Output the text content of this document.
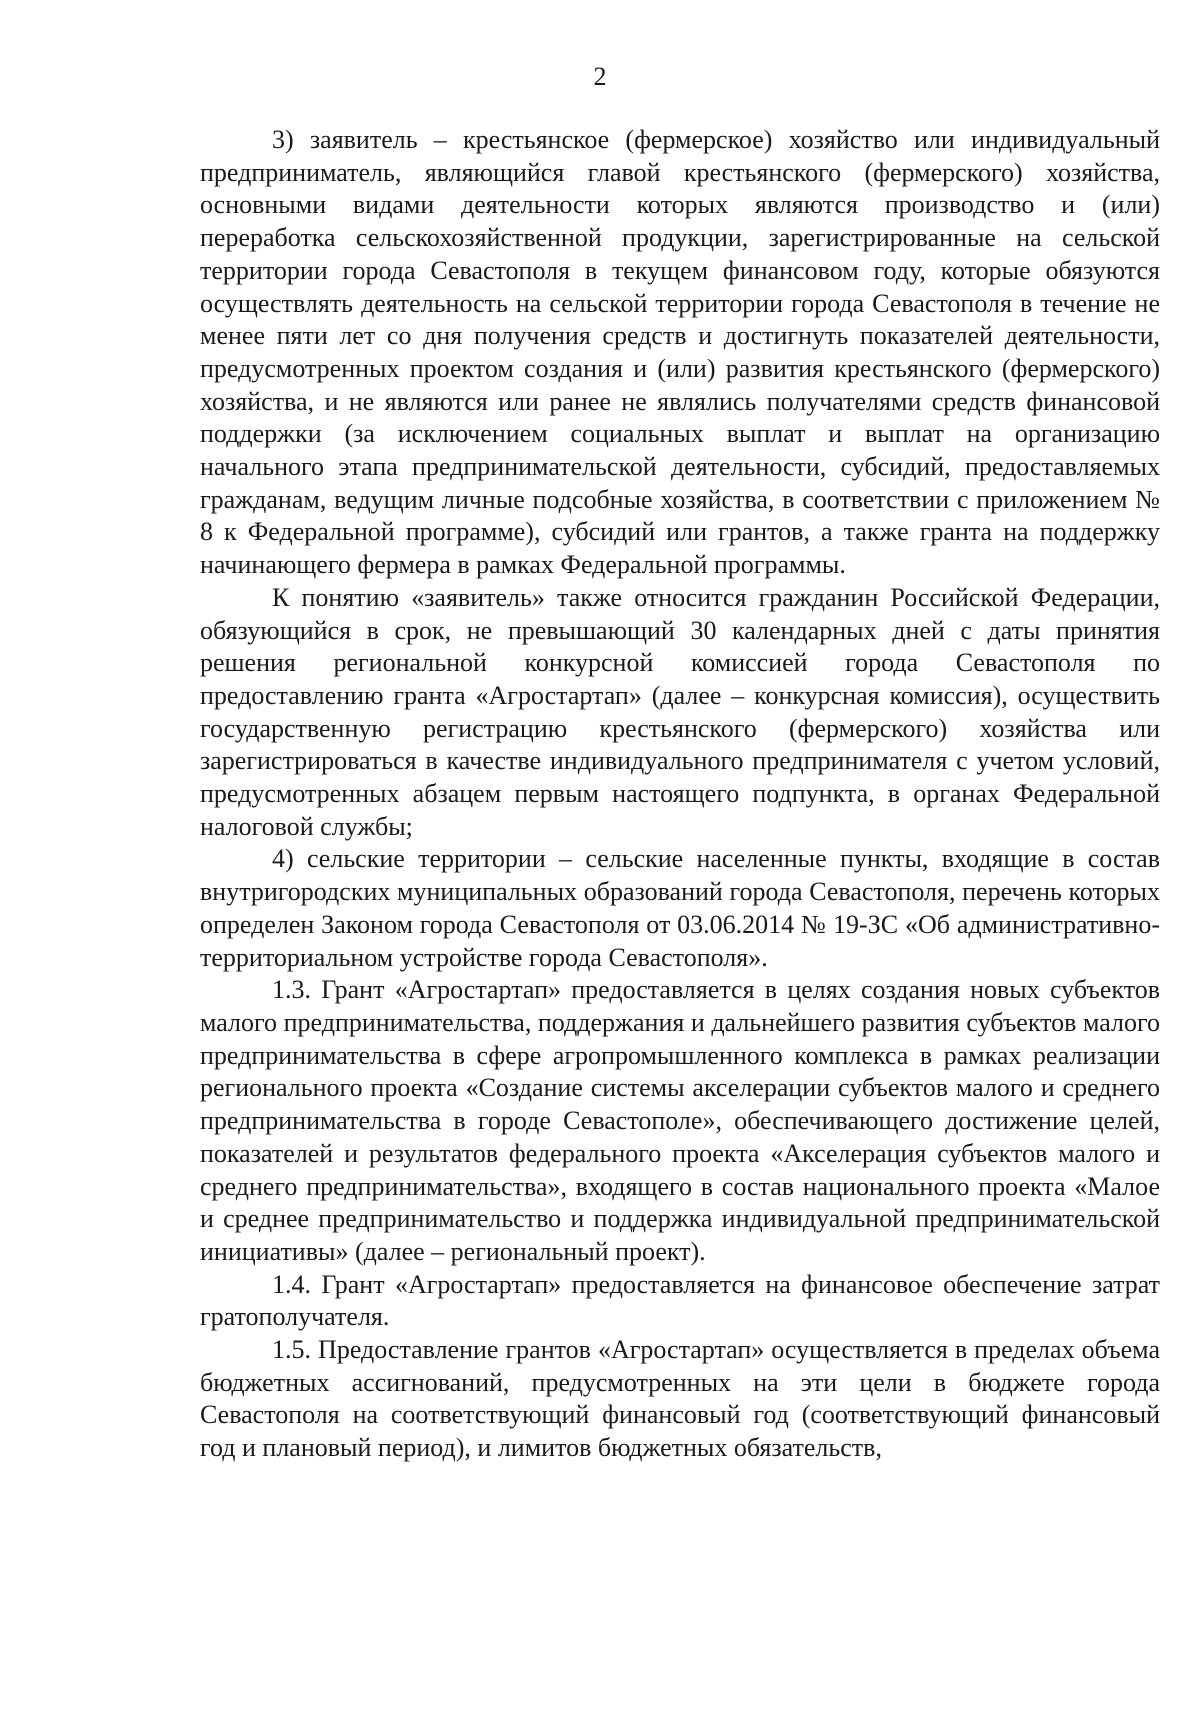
2

3) заявитель – крестьянское (фермерское) хозяйство или индивидуальный предприниматель, являющийся главой крестьянского (фермерского) хозяйства, основными видами деятельности которых являются производство и (или) переработка сельскохозяйственной продукции, зарегистрированные на сельской территории города Севастополя в текущем финансовом году, которые обязуются осуществлять деятельность на сельской территории города Севастополя в течение не менее пяти лет со дня получения средств и достигнуть показателей деятельности, предусмотренных проектом создания и (или) развития крестьянского (фермерского) хозяйства, и не являются или ранее не являлись получателями средств финансовой поддержки (за исключением социальных выплат и выплат на организацию начального этапа предпринимательской деятельности, субсидий, предоставляемых гражданам, ведущим личные подсобные хозяйства, в соответствии с приложением № 8 к Федеральной программе), субсидий или грантов, а также гранта на поддержку начинающего фермера в рамках Федеральной программы.

К понятию «заявитель» также относится гражданин Российской Федерации, обязующийся в срок, не превышающий 30 календарных дней с даты принятия решения региональной конкурсной комиссией города Севастополя по предоставлению гранта «Агростартап» (далее – конкурсная комиссия), осуществить государственную регистрацию крестьянского (фермерского) хозяйства или зарегистрироваться в качестве индивидуального предпринимателя с учетом условий, предусмотренных абзацем первым настоящего подпункта, в органах Федеральной налоговой службы;

4) сельские территории – сельские населенные пункты, входящие в состав внутригородских муниципальных образований города Севастополя, перечень которых определен Законом города Севастополя от 03.06.2014 № 19-ЗС «Об административно-территориальном устройстве города Севастополя».

1.3. Грант «Агростартап» предоставляется в целях создания новых субъектов малого предпринимательства, поддержания и дальнейшего развития субъектов малого предпринимательства в сфере агропромышленного комплекса в рамках реализации регионального проекта «Создание системы акселерации субъектов малого и среднего предпринимательства в городе Севастополе», обеспечивающего достижение целей, показателей и результатов федерального проекта «Акселерация субъектов малого и среднего предпринимательства», входящего в состав национального проекта «Малое и среднее предпринимательство и поддержка индивидуальной предпринимательской инициативы» (далее – региональный проект).

1.4. Грант «Агростартап» предоставляется на финансовое обеспечение затрат гратополучателя.

1.5. Предоставление грантов «Агростартап» осуществляется в пределах объема бюджетных ассигнований, предусмотренных на эти цели в бюджете города Севастополя на соответствующий финансовый год (соответствующий финансовый год и плановый период), и лимитов бюджетных обязательств,
